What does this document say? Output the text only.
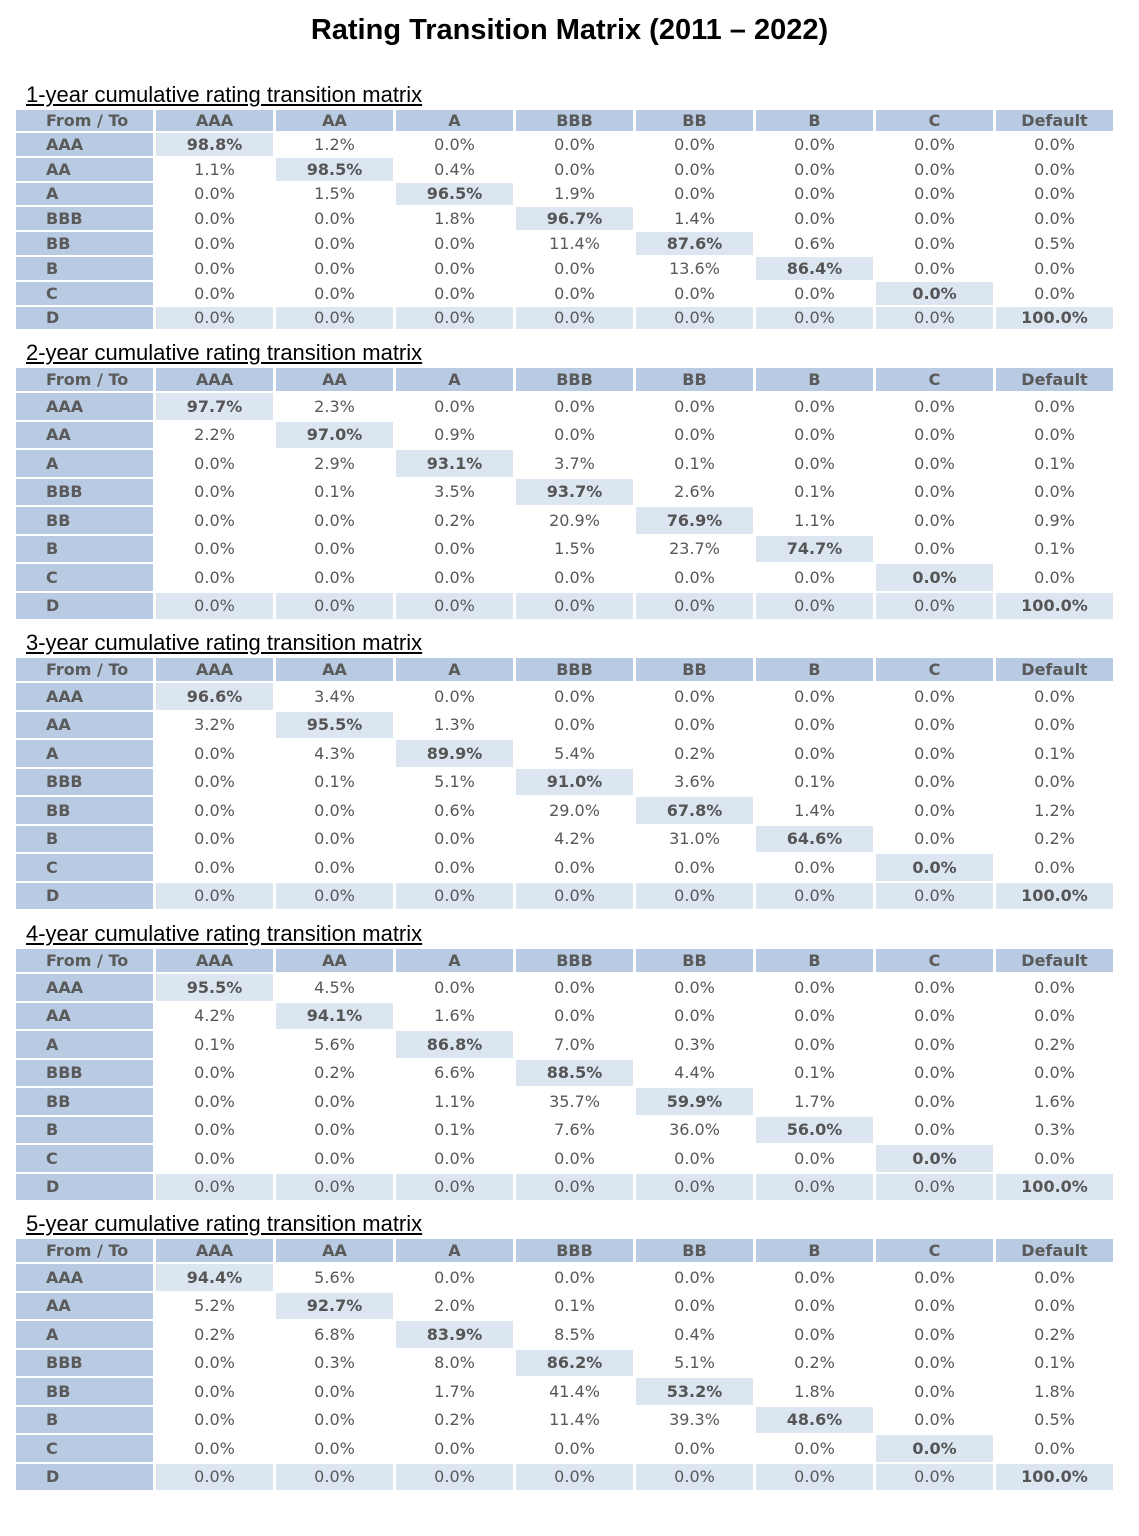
Rating Transition Matrix (2011 – 2022)
1-year cumulative rating transition matrix
From / To	AAA	AA	A	BBB	BB	B	C	Default
AAA	98.8%	1.2%	0.0%	0.0%	0.0%	0.0%	0.0%	0.0%
AA	1.1%	98.5%	0.4%	0.0%	0.0%	0.0%	0.0%	0.0%
A	0.0%	1.5%	96.5%	1.9%	0.0%	0.0%	0.0%	0.0%
BBB	0.0%	0.0%	1.8%	96.7%	1.4%	0.0%	0.0%	0.0%
BB	0.0%	0.0%	0.0%	11.4%	87.6%	0.6%	0.0%	0.5%
B	0.0%	0.0%	0.0%	0.0%	13.6%	86.4%	0.0%	0.0%
C	0.0%	0.0%	0.0%	0.0%	0.0%	0.0%	0.0%	0.0%
D	0.0%	0.0%	0.0%	0.0%	0.0%	0.0%	0.0%	100.0%
2-year cumulative rating transition matrix
From / To	AAA	AA	A	BBB	BB	B	C	Default
AAA	97.7%	2.3%	0.0%	0.0%	0.0%	0.0%	0.0%	0.0%
AA	2.2%	97.0%	0.9%	0.0%	0.0%	0.0%	0.0%	0.0%
A	0.0%	2.9%	93.1%	3.7%	0.1%	0.0%	0.0%	0.1%
BBB	0.0%	0.1%	3.5%	93.7%	2.6%	0.1%	0.0%	0.0%
BB	0.0%	0.0%	0.2%	20.9%	76.9%	1.1%	0.0%	0.9%
B	0.0%	0.0%	0.0%	1.5%	23.7%	74.7%	0.0%	0.1%
C	0.0%	0.0%	0.0%	0.0%	0.0%	0.0%	0.0%	0.0%
D	0.0%	0.0%	0.0%	0.0%	0.0%	0.0%	0.0%	100.0%
3-year cumulative rating transition matrix
From / To	AAA	AA	A	BBB	BB	B	C	Default
AAA	96.6%	3.4%	0.0%	0.0%	0.0%	0.0%	0.0%	0.0%
AA	3.2%	95.5%	1.3%	0.0%	0.0%	0.0%	0.0%	0.0%
A	0.0%	4.3%	89.9%	5.4%	0.2%	0.0%	0.0%	0.1%
BBB	0.0%	0.1%	5.1%	91.0%	3.6%	0.1%	0.0%	0.0%
BB	0.0%	0.0%	0.6%	29.0%	67.8%	1.4%	0.0%	1.2%
B	0.0%	0.0%	0.0%	4.2%	31.0%	64.6%	0.0%	0.2%
C	0.0%	0.0%	0.0%	0.0%	0.0%	0.0%	0.0%	0.0%
D	0.0%	0.0%	0.0%	0.0%	0.0%	0.0%	0.0%	100.0%
4-year cumulative rating transition matrix
From / To	AAA	AA	A	BBB	BB	B	C	Default
AAA	95.5%	4.5%	0.0%	0.0%	0.0%	0.0%	0.0%	0.0%
AA	4.2%	94.1%	1.6%	0.0%	0.0%	0.0%	0.0%	0.0%
A	0.1%	5.6%	86.8%	7.0%	0.3%	0.0%	0.0%	0.2%
BBB	0.0%	0.2%	6.6%	88.5%	4.4%	0.1%	0.0%	0.0%
BB	0.0%	0.0%	1.1%	35.7%	59.9%	1.7%	0.0%	1.6%
B	0.0%	0.0%	0.1%	7.6%	36.0%	56.0%	0.0%	0.3%
C	0.0%	0.0%	0.0%	0.0%	0.0%	0.0%	0.0%	0.0%
D	0.0%	0.0%	0.0%	0.0%	0.0%	0.0%	0.0%	100.0%
5-year cumulative rating transition matrix
From / To	AAA	AA	A	BBB	BB	B	C	Default
AAA	94.4%	5.6%	0.0%	0.0%	0.0%	0.0%	0.0%	0.0%
AA	5.2%	92.7%	2.0%	0.1%	0.0%	0.0%	0.0%	0.0%
A	0.2%	6.8%	83.9%	8.5%	0.4%	0.0%	0.0%	0.2%
BBB	0.0%	0.3%	8.0%	86.2%	5.1%	0.2%	0.0%	0.1%
BB	0.0%	0.0%	1.7%	41.4%	53.2%	1.8%	0.0%	1.8%
B	0.0%	0.0%	0.2%	11.4%	39.3%	48.6%	0.0%	0.5%
C	0.0%	0.0%	0.0%	0.0%	0.0%	0.0%	0.0%	0.0%
D	0.0%	0.0%	0.0%	0.0%	0.0%	0.0%	0.0%	100.0%
